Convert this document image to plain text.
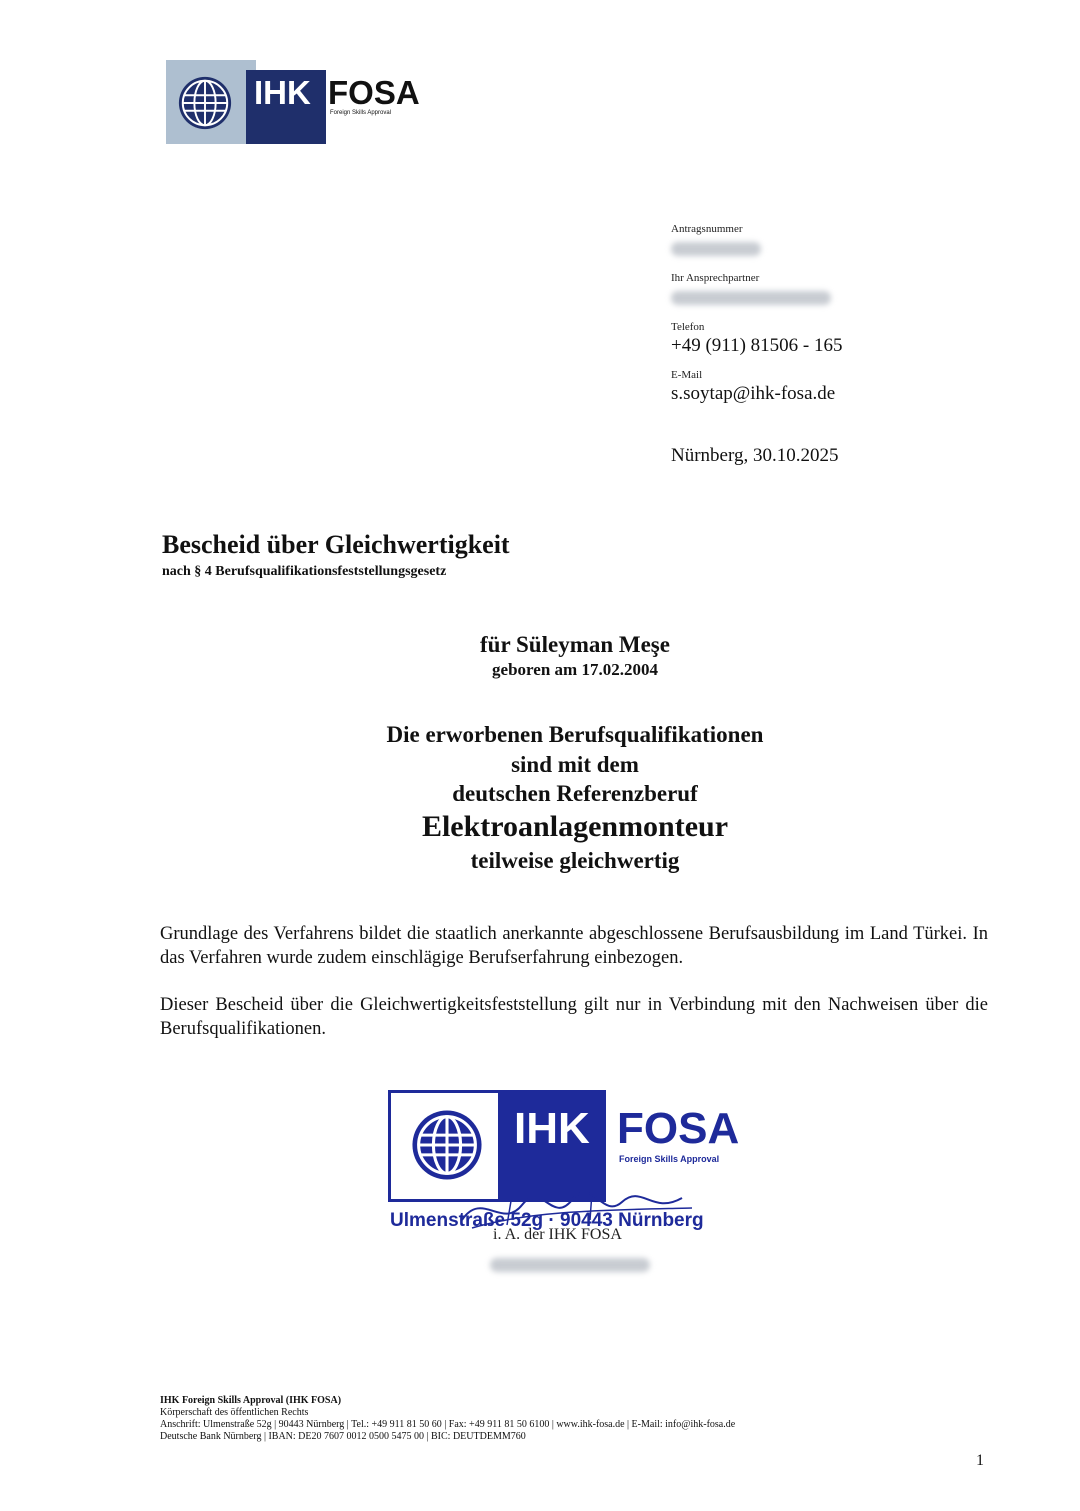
IHK FOSA
Foreign Skills Approval

Antragsnummer

Ihr Ansprechpartner

Telefon

+49 (911) 81506 - 165

E-Mail

s.soytap@ihk-fosa.de

Nürnberg, 30.10.2025
Bescheid über Gleichwertigkeit
nach § 4 Berufsqualifikationsfeststellungsgesetz
für Süleyman Meşe
geboren am 17.02.2004
Die erworbenen Berufsqualifikationen
sind mit dem
deutschen Referenzberuf
Elektroanlagenmonteur
teilweise gleichwertig
Grundlage des Verfahrens bildet die staatlich anerkannte abgeschlossene Berufsausbildung im Land Türkei. In das Verfahren wurde zudem einschlägige Berufserfahrung einbezogen.
Dieser Bescheid über die Gleichwertigkeitsfeststellung gilt nur in Verbindung mit den Nachweisen über die Berufsqualifikationen.
IHK FOSA
Foreign Skills Approval
Ulmenstraße 52g · 90443 Nürnberg
i. A. der IHK FOSA

IHK Foreign Skills Approval (IHK FOSA)

Körperschaft des öffentlichen Rechts

Anschrift: Ulmenstraße 52g | 90443 Nürnberg | Tel.: +49 911 81 50 60 | Fax: +49 911 81 50 6100 | www.ihk-fosa.de | E-Mail: info@ihk-fosa.de

Deutsche Bank Nürnberg | IBAN: DE20 7607 0012 0500 5475 00 | BIC: DEUTDEMM760

1
